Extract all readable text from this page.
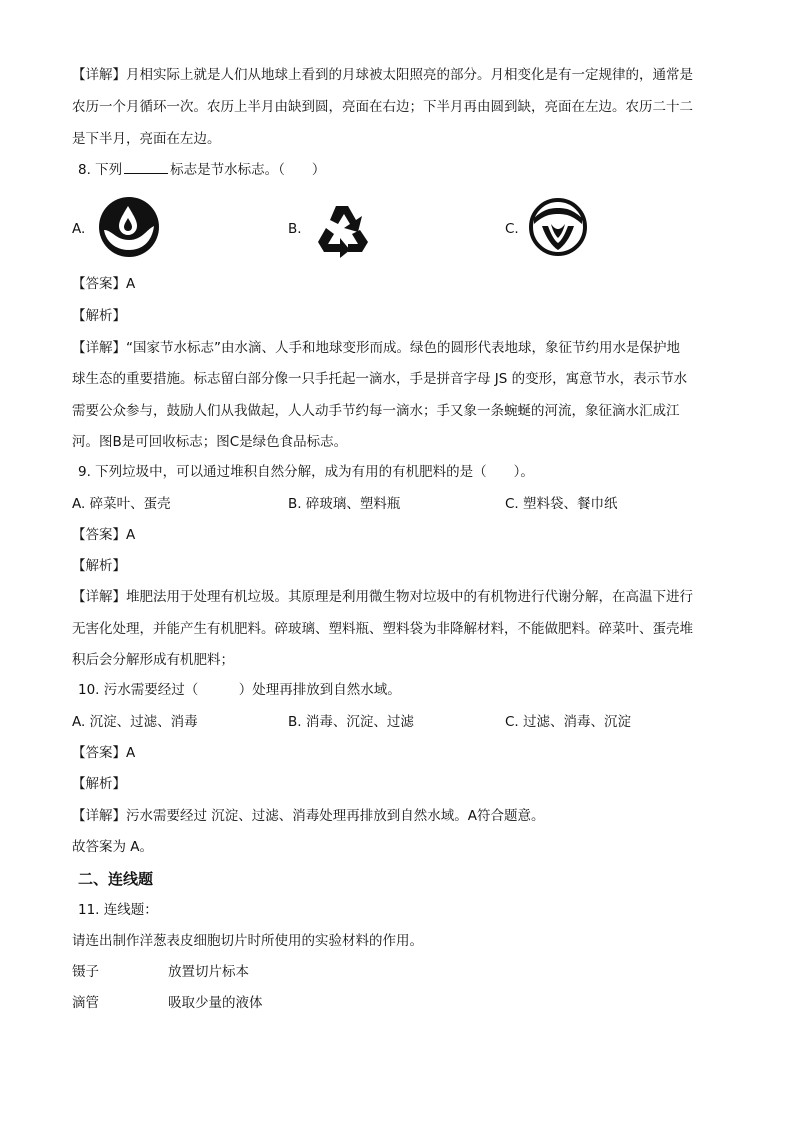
【详解】月相实际上就是人们从地球上看到的月球被太阳照亮的部分。月相变化是有一定规律的，通常是
农历一个月循环一次。农历上半月由缺到圆，亮面在右边；下半月再由圆到缺，亮面在左边。农历二十二
是下半月，亮面在左边。
8. 下列	标志是节水标志。（　　）
A.	B.	C.
【答案】A
【解析】
【详解】“国家节水标志”由水滴、人手和地球变形而成。绿色的圆形代表地球，象征节约用水是保护地
球生态的重要措施。标志留白部分像一只手托起一滴水，手是拼音字母 JS 的变形，寓意节水，表示节水
需要公众参与，鼓励人们从我做起，人人动手节约每一滴水；手又象一条蜿蜒的河流，象征滴水汇成江
河。图B是可回收标志；图C是绿色食品标志。
9. 下列垃圾中，可以通过堆积自然分解，成为有用的有机肥料的是（　　）。
A. 碎菜叶、蛋壳	B. 碎玻璃、塑料瓶	C. 塑料袋、餐巾纸
【答案】A
【解析】
【详解】堆肥法用于处理有机垃圾。其原理是利用微生物对垃圾中的有机物进行代谢分解，在高温下进行
无害化处理，并能产生有机肥料。碎玻璃、塑料瓶、塑料袋为非降解材料，不能做肥料。碎菜叶、蛋壳堆
积后会分解形成有机肥料；
10. 污水需要经过（　　　）处理再排放到自然水域。
A. 沉淀、过滤、消毒	B. 消毒、沉淀、过滤	C. 过滤、消毒、沉淀
【答案】A
【解析】
【详解】污水需要经过 沉淀、过滤、消毒处理再排放到自然水域。A符合题意。
故答案为 A。
二、连线题
11. 连线题：
请连出制作洋葱表皮细胞切片时所使用的实验材料的作用。
镊子	放置切片标本
滴管	吸取少量的液体
